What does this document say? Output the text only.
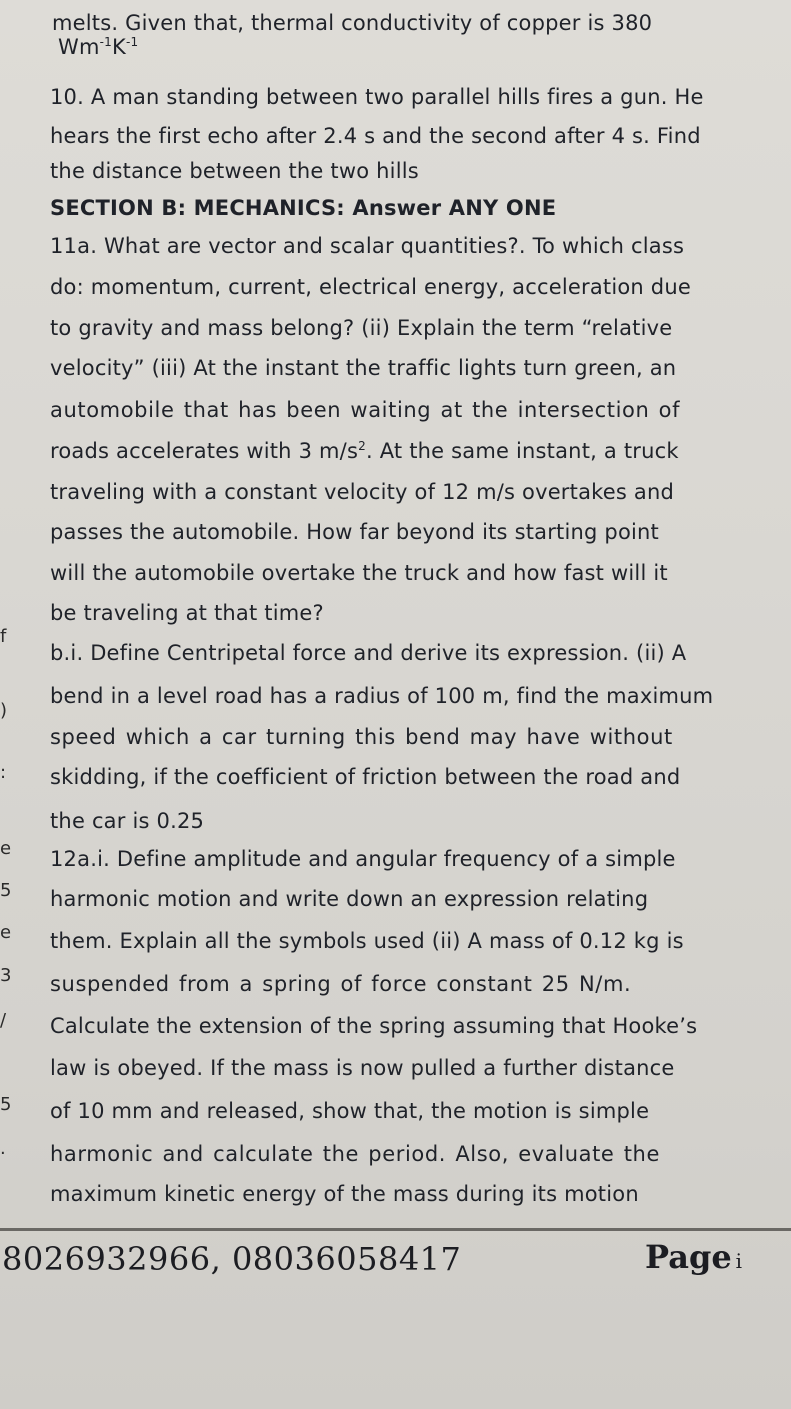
melts. Given that, thermal conductivity of copper is 380
$Wm^{-1}K^{-1}$
10. A man standing between two parallel hills fires a gun. He
hears the first echo after 2.4 s and the second after 4 s. Find
the distance between the two hills
SECTION B: MECHANICS: Answer ANY ONE
11a. What are vector and scalar quantities?. To which class
do: momentum, current, electrical energy, acceleration due
to gravity and mass belong? (ii) Explain the term “relative
velocity” (iii) At the instant the traffic lights turn green, an
automobile that has been waiting at the intersection of
roads accelerates with 3 $m/s^2$. At the same instant, a truck
traveling with a constant velocity of 12 m/s overtakes and
passes the automobile. How far beyond its starting point
will the automobile overtake the truck and how fast will it
be traveling at that time?
b.i. Define Centripetal force and derive its expression. (ii) A
bend in a level road has a radius of 100 m, find the maximum
speed which a car turning this bend may have without
skidding, if the coefficient of friction between the road and
the car is 0.25
12a.i. Define amplitude and angular frequency of a simple
harmonic motion and write down an expression relating
them. Explain all the symbols used (ii) A mass of 0.12 kg is
suspended from a spring of force constant 25 N/m.
Calculate the extension of the spring assuming that Hooke’s
law is obeyed. If the mass is now pulled a further distance
of 10 mm and released, show that, the motion is simple
harmonic and calculate the period. Also, evaluate the
maximum kinetic energy of the mass during its motion
f
)
:
e
5
e
3
/
5
.
8026932966, 08036058417	Page i
